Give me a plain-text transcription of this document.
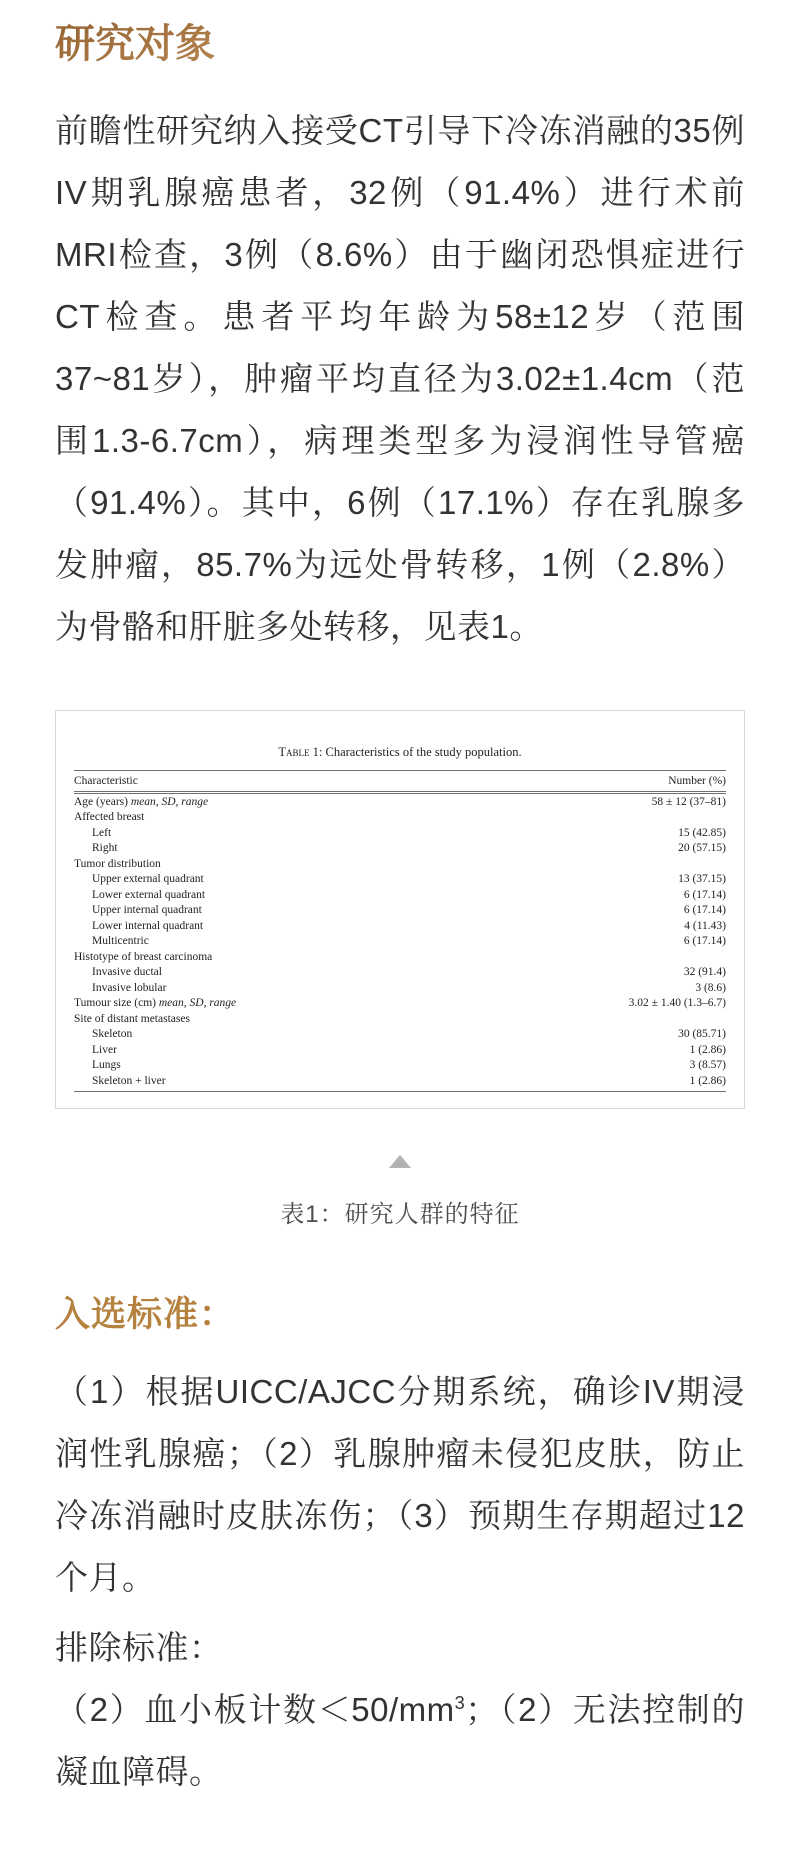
研究对象

前瞻性研究纳入接受CT引导下冷冻消融的35例IV期乳腺癌患者，32例（91.4%）进行术前MRI检查，3例（8.6%）由于幽闭恐惧症进行CT检查。患者平均年龄为58±12岁（范围37~81岁），肿瘤平均直径为3.02±1.4cm（范围1.3-6.7cm），病理类型多为浸润性导管癌（91.4%）。其中，6例（17.1%）存在乳腺多发肿瘤，85.7%为远处骨转移，1例（2.8%）为骨骼和肝脏多处转移，见表1。

Table 1: Characteristics of the study population.
Characteristic	Number (%)
Age (years) mean, SD, range	58 ± 12 (37–81)
Affected breast	
Left	15 (42.85)
Right	20 (57.15)
Tumor distribution	
Upper external quadrant	13 (37.15)
Lower external quadrant	6 (17.14)
Upper internal quadrant	6 (17.14)
Lower internal quadrant	4 (11.43)
Multicentric	6 (17.14)
Histotype of breast carcinoma	
Invasive ductal	32 (91.4)
Invasive lobular	3 (8.6)
Tumour size (cm) mean, SD, range	3.02 ± 1.40 (1.3–6.7)
Site of distant metastases	
Skeleton	30 (85.71)
Liver	1 (2.86)
Lungs	3 (8.57)
Skeleton + liver	1 (2.86)
表1：研究人群的特征
入选标准：

（1）根据UICC/AJCC分期系统，确诊IV期浸润性乳腺癌；（2）乳腺肿瘤未侵犯皮肤，防止冷冻消融时皮肤冻伤；（3）预期生存期超过12个月。

排除标准：

（2）血小板计数$<50/mm^3$；（2）无法控制的凝血障碍。
